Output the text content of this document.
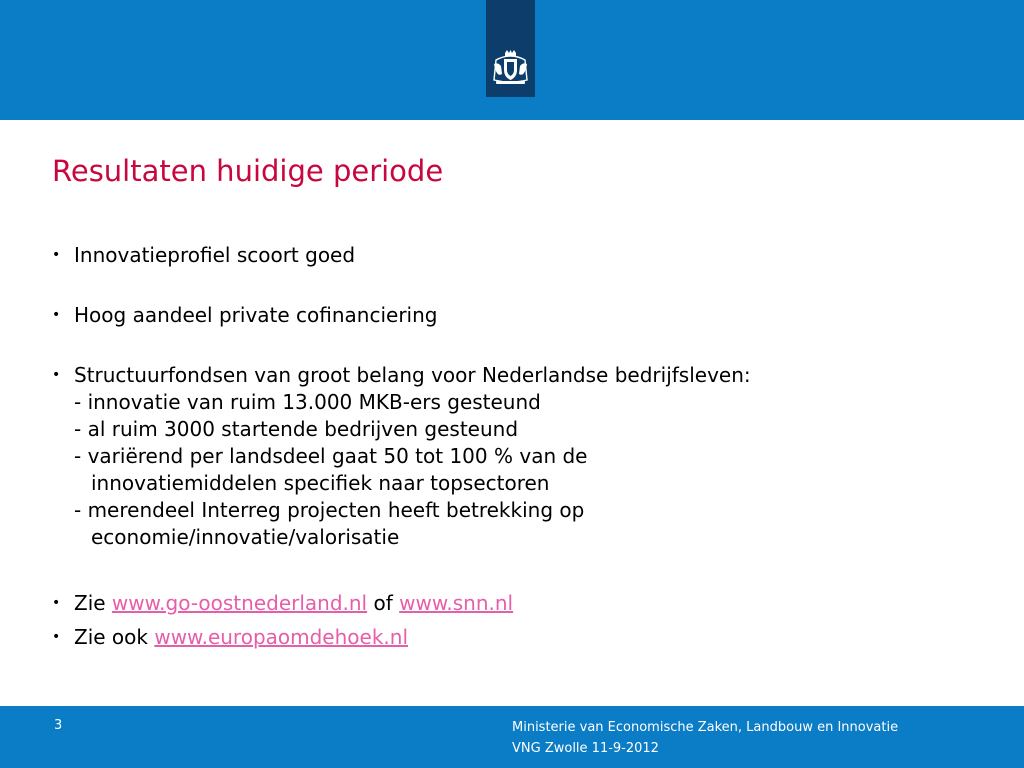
Resultaten huidige periode
• Innovatieprofiel scoort goed
• Hoog aandeel private cofinanciering
• Structuurfondsen van groot belang voor Nederlandse bedrijfsleven:
- innovatie van ruim 13.000 MKB-ers gesteund
- al ruim 3000 startende bedrijven gesteund
- variërend per landsdeel gaat 50 tot 100 % van de
innovatiemiddelen specifiek naar topsectoren
- merendeel Interreg projecten heeft betrekking op
economie/innovatie/valorisatie
• Zie www.go-oostnederland.nl of www.snn.nl
• Zie ook www.europaomdehoek.nl
3	Ministerie van Economische Zaken, Landbouw en Innovatie
VNG Zwolle 11-9-2012
